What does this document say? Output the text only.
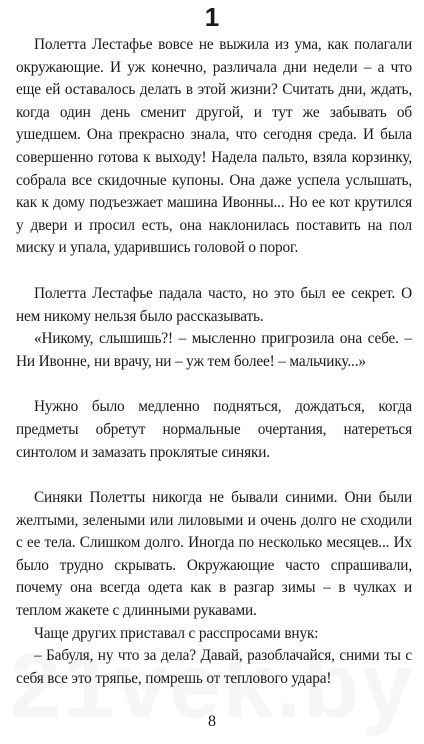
1

Полетта Лестафье вовсе не выжила из ума, как полагали окружающие. И уж конечно, различала дни недели – а что еще ей оставалось делать в этой жизни? Считать дни, ждать, когда один день сменит другой, и тут же забывать об ушедшем. Она прекрасно знала, что сегодня среда. И была совершенно готова к выходу! Надела пальто, взяла корзинку, собрала все скидочные купоны. Она даже успела услышать, как к дому подъезжает машина Ивонны... Но ее кот крутился у двери и просил есть, она наклонилась поставить на пол миску и упала, ударившись головой о порог.

Полетта Лестафье падала часто, но это был ее секрет. О нем никому нельзя было рассказывать.

«Никому, слышишь?! – мысленно пригрозила она себе. – Ни Ивонне, ни врачу, ни – уж тем более! – мальчику...»

Нужно было медленно подняться, дождаться, когда предметы обретут нормальные очертания, натереться синтолом и замазать проклятые синяки.

Синяки Полетты никогда не бывали синими. Они были желтыми, зелеными или лиловыми и очень долго не сходили с ее тела. Слишком долго. Иногда по несколько месяцев... Их было трудно скрывать. Окружающие часто спрашивали, почему она всегда одета как в разгар зимы – в чулках и теплом жакете с длинными рукавами.

Чаще других приставал с расспросами внук:

– Бабуля, ну что за дела? Давай, разоблачайся, сними ты с себя все это тряпье, помрешь от теплового удара!

8
